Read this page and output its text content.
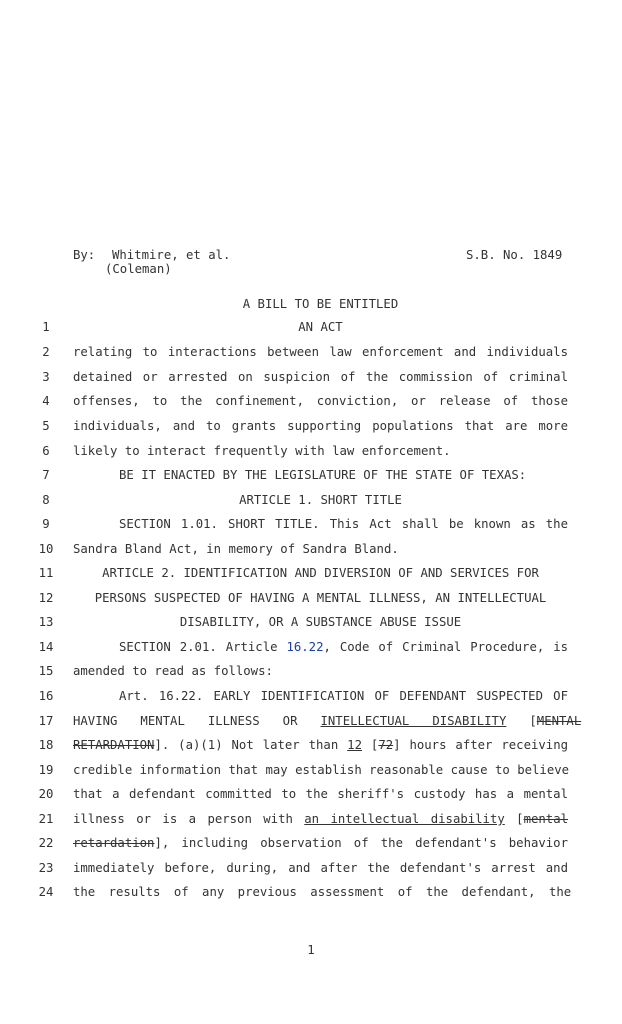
By: Whitmire, et al.
(Coleman)
S.B. No. 1849
A BILL TO BE ENTITLED
1
2
3
4
5
6
7
8
9
10
11
12
13
14
15
16
17
18
19
20
21
22
23
24
AN ACT
relating to interactions between law enforcement and individuals
detained or arrested on suspicion of the commission of criminal
offenses, to the confinement, conviction, or release of those
individuals, and to grants supporting populations that are more
likely to interact frequently with law enforcement.
BE IT ENACTED BY THE LEGISLATURE OF THE STATE OF TEXAS:
ARTICLE 1. SHORT TITLE
SECTION 1.01. SHORT TITLE. This Act shall be known as the
Sandra Bland Act, in memory of Sandra Bland.
ARTICLE 2. IDENTIFICATION AND DIVERSION OF AND SERVICES FOR
PERSONS SUSPECTED OF HAVING A MENTAL ILLNESS, AN INTELLECTUAL
DISABILITY, OR A SUBSTANCE ABUSE ISSUE
SECTION 2.01. Article 16.22, Code of Criminal Procedure, is
amended to read as follows:
Art. 16.22. EARLY IDENTIFICATION OF DEFENDANT SUSPECTED OF
HAVING MENTAL ILLNESS OR INTELLECTUAL DISABILITY [MENTAL
RETARDATION]. (a)(1) Not later than 12 [72] hours after receiving
credible information that may establish reasonable cause to believe
that a defendant committed to the sheriff's custody has a mental
illness or is a person with an intellectual disability [mental
retardation], including observation of the defendant's behavior
immediately before, during, and after the defendant's arrest and
the results of any previous assessment of the defendant, the
1
